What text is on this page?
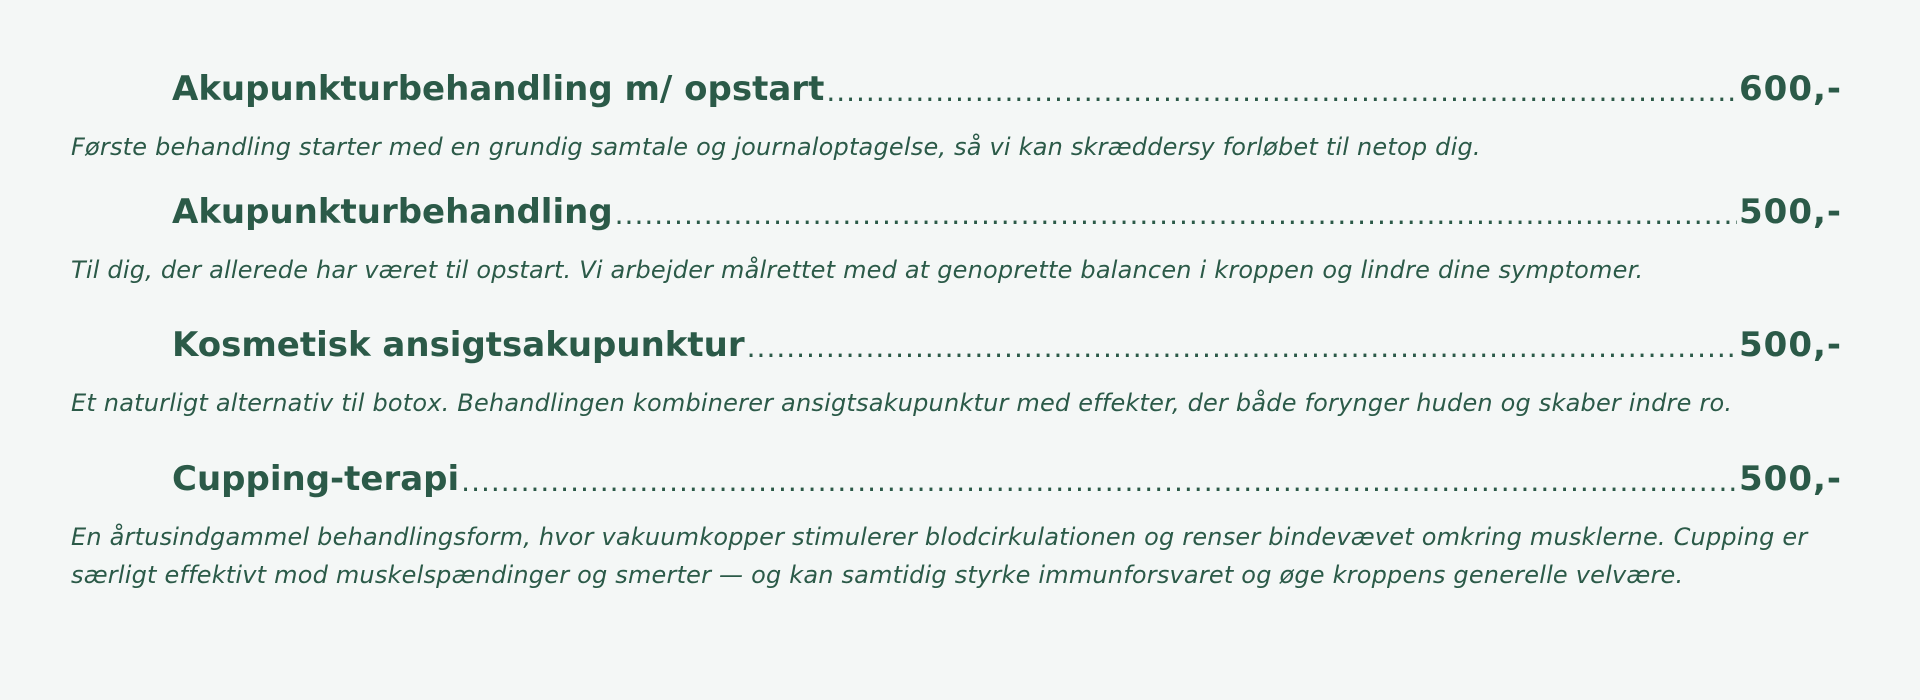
Akupunkturbehandling m/ opstart .....	600,-

Første behandling starter med en grundig samtale og journaloptagelse, så vi kan skræddersy forløbet til netop dig.

Akupunkturbehandling .....	500,-

Til dig, der allerede har været til opstart. Vi arbejder målrettet med at genoprette balancen i kroppen og lindre dine symptomer.

Kosmetisk ansigtsakupunktur .....	500,-

Et naturligt alternativ til botox. Behandlingen kombinerer ansigtsakupunktur med effekter, der både forynger huden og skaber indre ro.

Cupping-terapi .....	500,-

En årtusindgammel behandlingsform, hvor vakuumkopper stimulerer blodcirkulationen og renser bindevævet omkring musklerne. Cupping er særligt effektivt mod muskelspændinger og smerter — og kan samtidig styrke immunforsvaret og øge kroppens generelle velvære.
